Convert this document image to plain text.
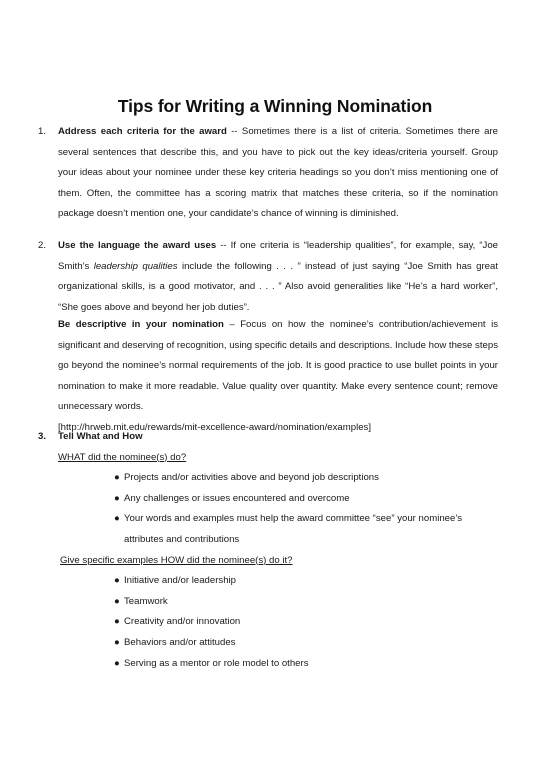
Tips for Writing a Winning Nomination
1. Address each criteria for the award -- Sometimes there is a list of criteria. Sometimes there are several sentences that describe this, and you have to pick out the key ideas/criteria yourself. Group your ideas about your nominee under these key criteria headings so you don’t miss mentioning one of them. Often, the committee has a scoring matrix that matches these criteria, so if the nomination package doesn’t mention one, your candidate’s chance of winning is diminished.
2. Use the language the award uses -- If one criteria is “leadership qualities”, for example, say, “Joe Smith’s leadership qualities include the following . . . ” instead of just saying “Joe Smith has great organizational skills, is a good motivator, and . . . ” Also avoid generalities like “He’s a hard worker”, “She goes above and beyond her job duties”.
Be descriptive in your nomination – Focus on how the nominee’s contribution/achievement is significant and deserving of recognition, using specific details and descriptions. Include how these steps go beyond the nominee’s normal requirements of the job. It is good practice to use bullet points in your nomination to make it more readable. Value quality over quantity. Make every sentence count; remove unnecessary words.
[http://hrweb.mit.edu/rewards/mit-excellence-award/nomination/examples]
3. Tell What and How
WHAT did the nominee(s) do?
● Projects and/or activities above and beyond job descriptions
● Any challenges or issues encountered and overcome
● Your words and examples must help the award committee “see” your nominee’s attributes and contributions
Give specific examples HOW did the nominee(s) do it?
● Initiative and/or leadership
● Teamwork
● Creativity and/or innovation
● Behaviors and/or attitudes
● Serving as a mentor or role model to others
